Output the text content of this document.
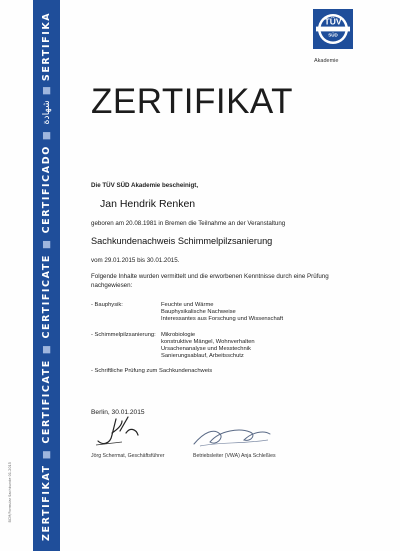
ZERTIFIKAT■CERTIFICATE■CERTIFICATE■CERTIFICADO■شهادة■SERTIFIKA
BCM/Formular Sachkunde 01.2015
TÜV
SÜD
Akademie
ZERTIFIKAT
Die TÜV SÜD Akademie bescheinigt,
Jan Hendrik Renken
geboren am 20.08.1981 in Bremen die Teilnahme an der Veranstaltung
Sachkundenachweis Schimmelpilzsanierung
vom 29.01.2015 bis 30.01.2015.
Folgende Inhalte wurden vermittelt und die erworbenen Kenntnisse durch eine Prüfung nachgewiesen:
- Bauphysik:	Feuchte und Wärme
Bauphysikalische Nachweise
Interessantes aus Forschung und Wissenschaft
- Schimmelpilzsanierung: Mikrobiologie
konstruktive Mängel, Wohnverhalten
Ursachenanalyse und Messtechnik
Sanierungsablauf, Arbeitsschutz
- Schriftliche Prüfung zum Sachkundenachweis
Berlin, 30.01.2015
Jörg Schermat, Geschäftsführer	Betriebsleiter (VWA) Anja Schleßies
